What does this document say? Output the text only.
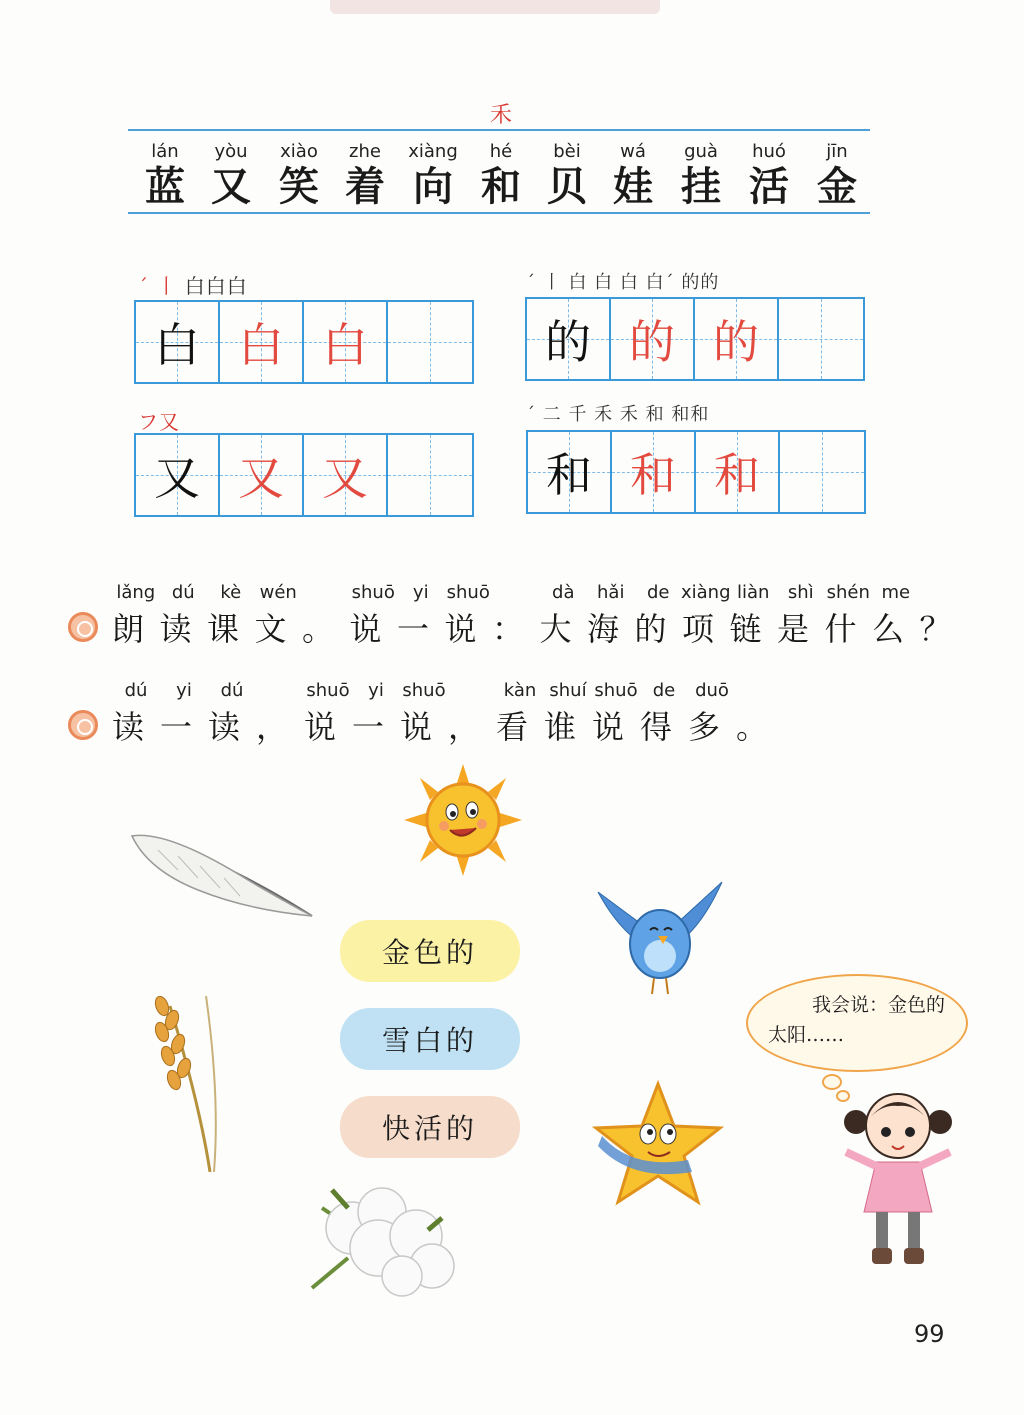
禾
lán
蓝
yòu
又
xiào
笑
zhe
着
xiàng
向
hé
和
bèi
贝
wá
娃
guà
挂
huó
活
jīn
金
ˊ 丨 白白白
白 白 白
ˊ 丨 白 白 白 白ˊ 的的
的 的 的
フ又
又 又 又
ˊ 二 千 禾 禾 和 和和
和 和 和
lǎng
朗
dú
读
kè
课
wén
文 。
shuō
说
yi
一
shuō
说 ：
dà
大
hǎi
海
de
的
xiàng
项
liàn
链
shì
是
shén
什
me
么 ？
dú
读
yi
一
dú
读 ，
shuō
说
yi
一
shuō
说 ，
kàn
看
shuí
谁
shuō
说
de
得
duō
多 。
金色的
雪白的
快活的
我会说：金色的太阳……
99
